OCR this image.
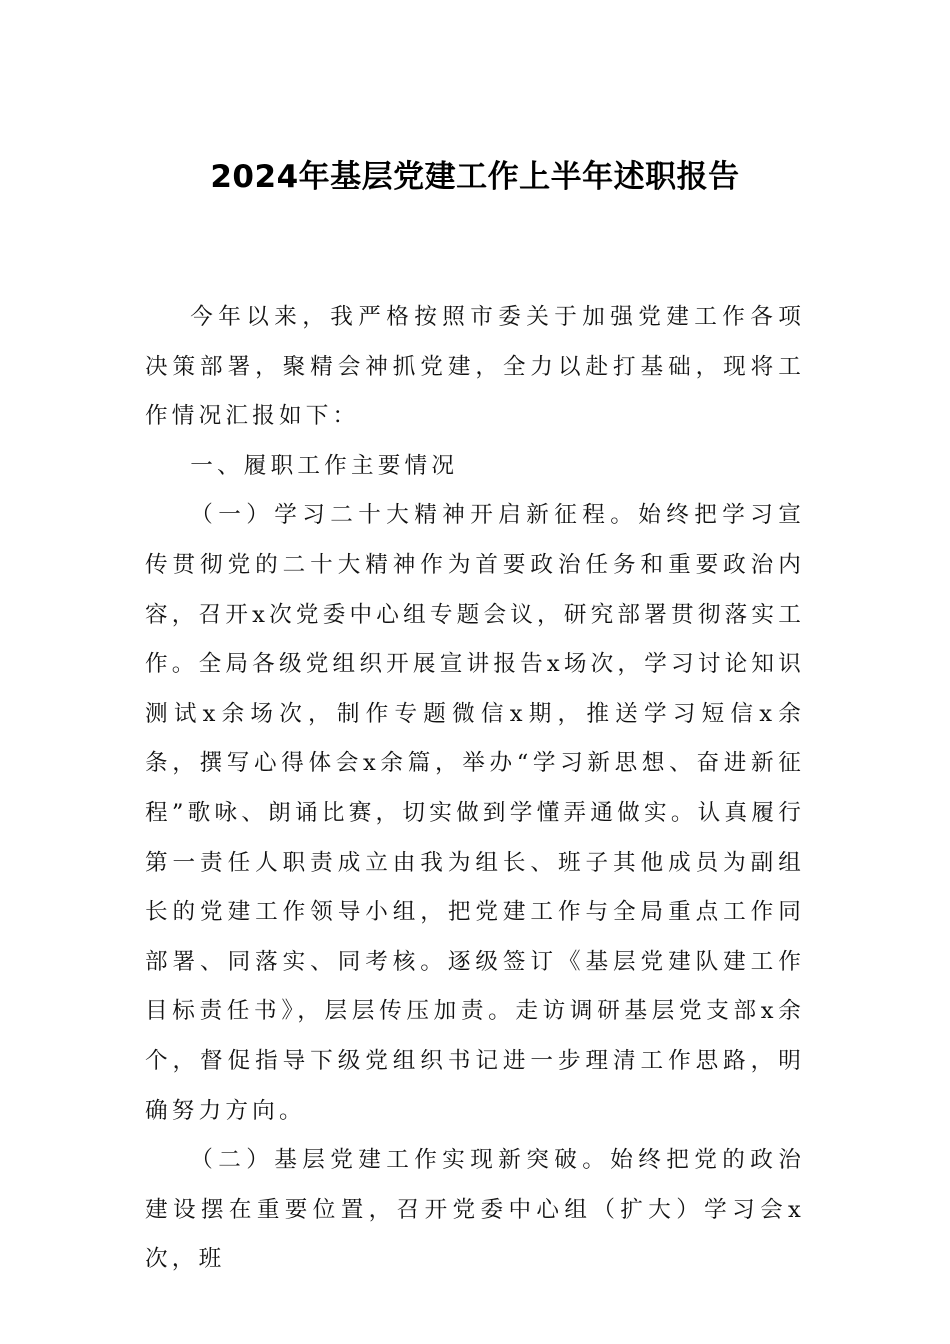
2024年基层党建工作上半年述职报告

今年以来，我严格按照市委关于加强党建工作各项决策部署，聚精会神抓党建，全力以赴打基础，现将工作情况汇报如下：

一、履职工作主要情况

（一）学习二十大精神开启新征程。始终把学习宣传贯彻党的二十大精神作为首要政治任务和重要政治内容，召开x次党委中心组专题会议，研究部署贯彻落实工作。全局各级党组织开展宣讲报告x场次，学习讨论知识测试x余场次，制作专题微信x期，推送学习短信x余条，撰写心得体会x余篇，举办“学习新思想、奋进新征程”歌咏、朗诵比赛，切实做到学懂弄通做实。认真履行第一责任人职责成立由我为组长、班子其他成员为副组长的党建工作领导小组，把党建工作与全局重点工作同部署、同落实、同考核。逐级签订《基层党建队建工作目标责任书》，层层传压加责。走访调研基层党支部x余个，督促指导下级党组织书记进一步理清工作思路，明确努力方向。

（二）基层党建工作实现新突破。始终把党的政治建设摆在重要位置，召开党委中心组（扩大）学习会x次，班
